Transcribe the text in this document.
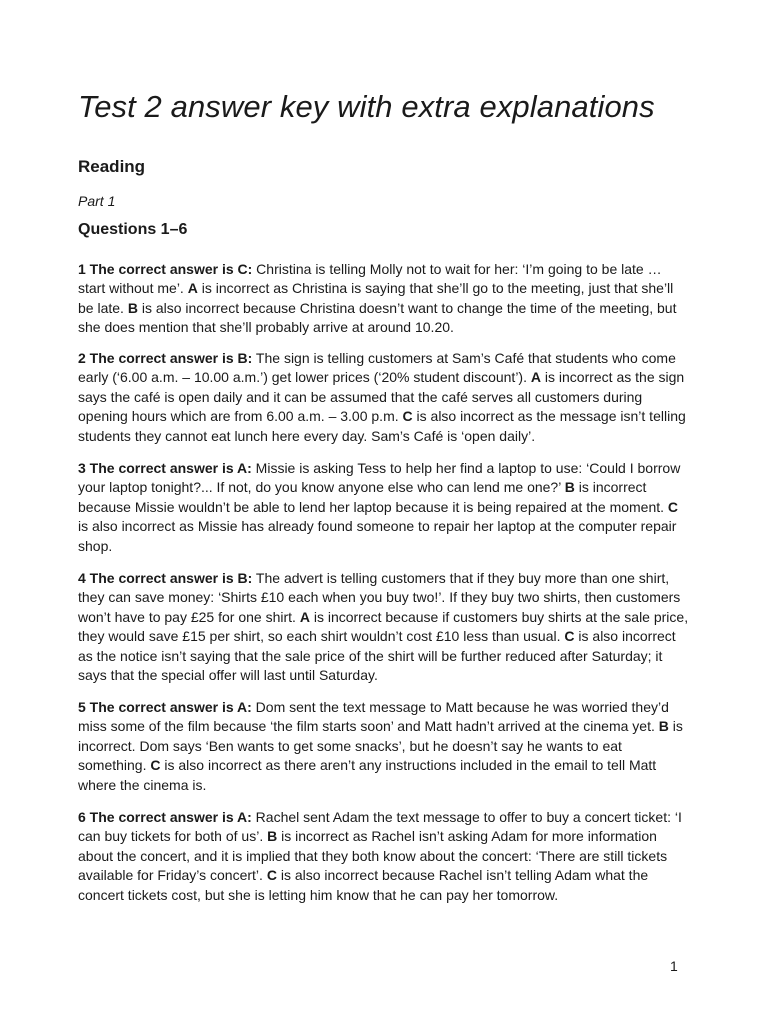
Test 2 answer key with extra explanations
Reading

Part 1

Questions 1–6

1 The correct answer is C: Christina is telling Molly not to wait for her: ‘I’m going to be late … start without me’. A is incorrect as Christina is saying that she’ll go to the meeting, just that she’ll be late. B is also incorrect because Christina doesn’t want to change the time of the meeting, but she does mention that she’ll probably arrive at around 10.20.

2 The correct answer is B: The sign is telling customers at Sam’s Café that students who come early (‘6.00 a.m. – 10.00 a.m.’) get lower prices (‘20% student discount’). A is incorrect as the sign says the café is open daily and it can be assumed that the café serves all customers during opening hours which are from 6.00 a.m. – 3.00 p.m. C is also incorrect as the message isn’t telling students they cannot eat lunch here every day. Sam’s Café is ‘open daily’.

3 The correct answer is A: Missie is asking Tess to help her find a laptop to use: ‘Could I borrow your laptop tonight?... If not, do you know anyone else who can lend me one?’ B is incorrect because Missie wouldn’t be able to lend her laptop because it is being repaired at the moment. C is also incorrect as Missie has already found someone to repair her laptop at the computer repair shop.

4 The correct answer is B: The advert is telling customers that if they buy more than one shirt, they can save money: ‘Shirts £10 each when you buy two!’. If they buy two shirts, then customers won’t have to pay £25 for one shirt. A is incorrect because if customers buy shirts at the sale price, they would save £15 per shirt, so each shirt wouldn’t cost £10 less than usual. C is also incorrect as the notice isn’t saying that the sale price of the shirt will be further reduced after Saturday; it says that the special offer will last until Saturday.

5 The correct answer is A: Dom sent the text message to Matt because he was worried they’d miss some of the film because ‘the film starts soon’ and Matt hadn’t arrived at the cinema yet. B is incorrect. Dom says ‘Ben wants to get some snacks’, but he doesn’t say he wants to eat something. C is also incorrect as there aren’t any instructions included in the email to tell Matt where the cinema is.

6 The correct answer is A: Rachel sent Adam the text message to offer to buy a concert ticket: ‘I can buy tickets for both of us’. B is incorrect as Rachel isn’t asking Adam for more information about the concert, and it is implied that they both know about the concert: ‘There are still tickets available for Friday’s concert’. C is also incorrect because Rachel isn’t telling Adam what the concert tickets cost, but she is letting him know that he can pay her tomorrow.

1
